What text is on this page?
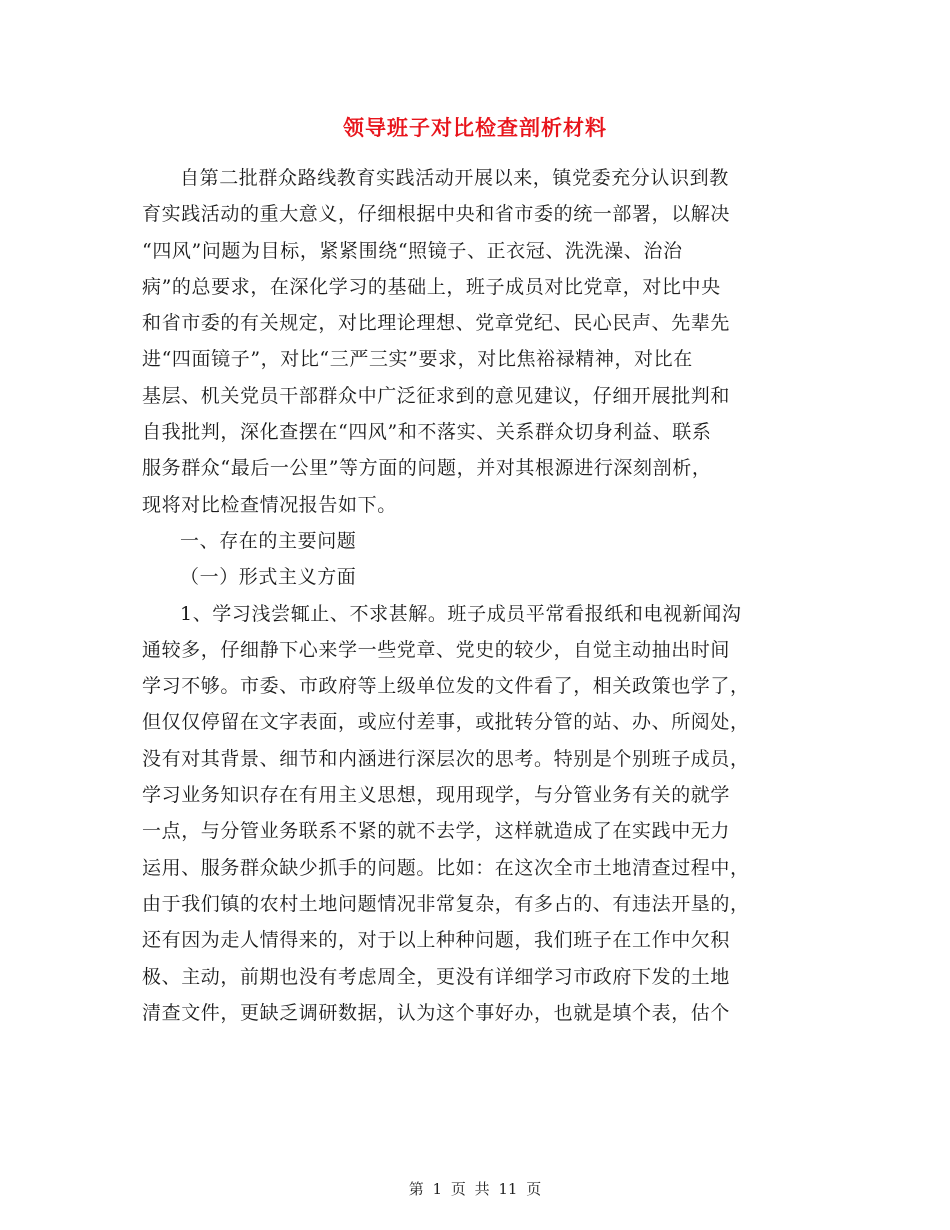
领导班子对比检查剖析材料
自第二批群众路线教育实践活动开展以来，镇党委充分认识到教
育实践活动的重大意义，仔细根据中央和省市委的统一部署，以解决
“四风”问题为目标，紧紧围绕“照镜子、正衣冠、洗洗澡、治治
病”的总要求，在深化学习的基础上，班子成员对比党章，对比中央
和省市委的有关规定，对比理论理想、党章党纪、民心民声、先辈先
进“四面镜子”，对比“三严三实”要求，对比焦裕禄精神，对比在
基层、机关党员干部群众中广泛征求到的意见建议，仔细开展批判和
自我批判，深化查摆在“四风”和不落实、关系群众切身利益、联系
服务群众“最后一公里”等方面的问题，并对其根源进行深刻剖析，
现将对比检查情况报告如下。
一、存在的主要问题
（一）形式主义方面
1、学习浅尝辄止、不求甚解。班子成员平常看报纸和电视新闻沟
通较多，仔细静下心来学一些党章、党史的较少，自觉主动抽出时间
学习不够。市委、市政府等上级单位发的文件看了，相关政策也学了，
但仅仅停留在文字表面，或应付差事，或批转分管的站、办、所阅处，
没有对其背景、细节和内涵进行深层次的思考。特别是个别班子成员，
学习业务知识存在有用主义思想，现用现学，与分管业务有关的就学
一点，与分管业务联系不紧的就不去学，这样就造成了在实践中无力
运用、服务群众缺少抓手的问题。比如：在这次全市土地清查过程中，
由于我们镇的农村土地问题情况非常复杂，有多占的、有违法开垦的，
还有因为走人情得来的，对于以上种种问题，我们班子在工作中欠积
极、主动，前期也没有考虑周全，更没有详细学习市政府下发的土地
清查文件，更缺乏调研数据，认为这个事好办，也就是填个表，估个
第 1 页 共 11 页
